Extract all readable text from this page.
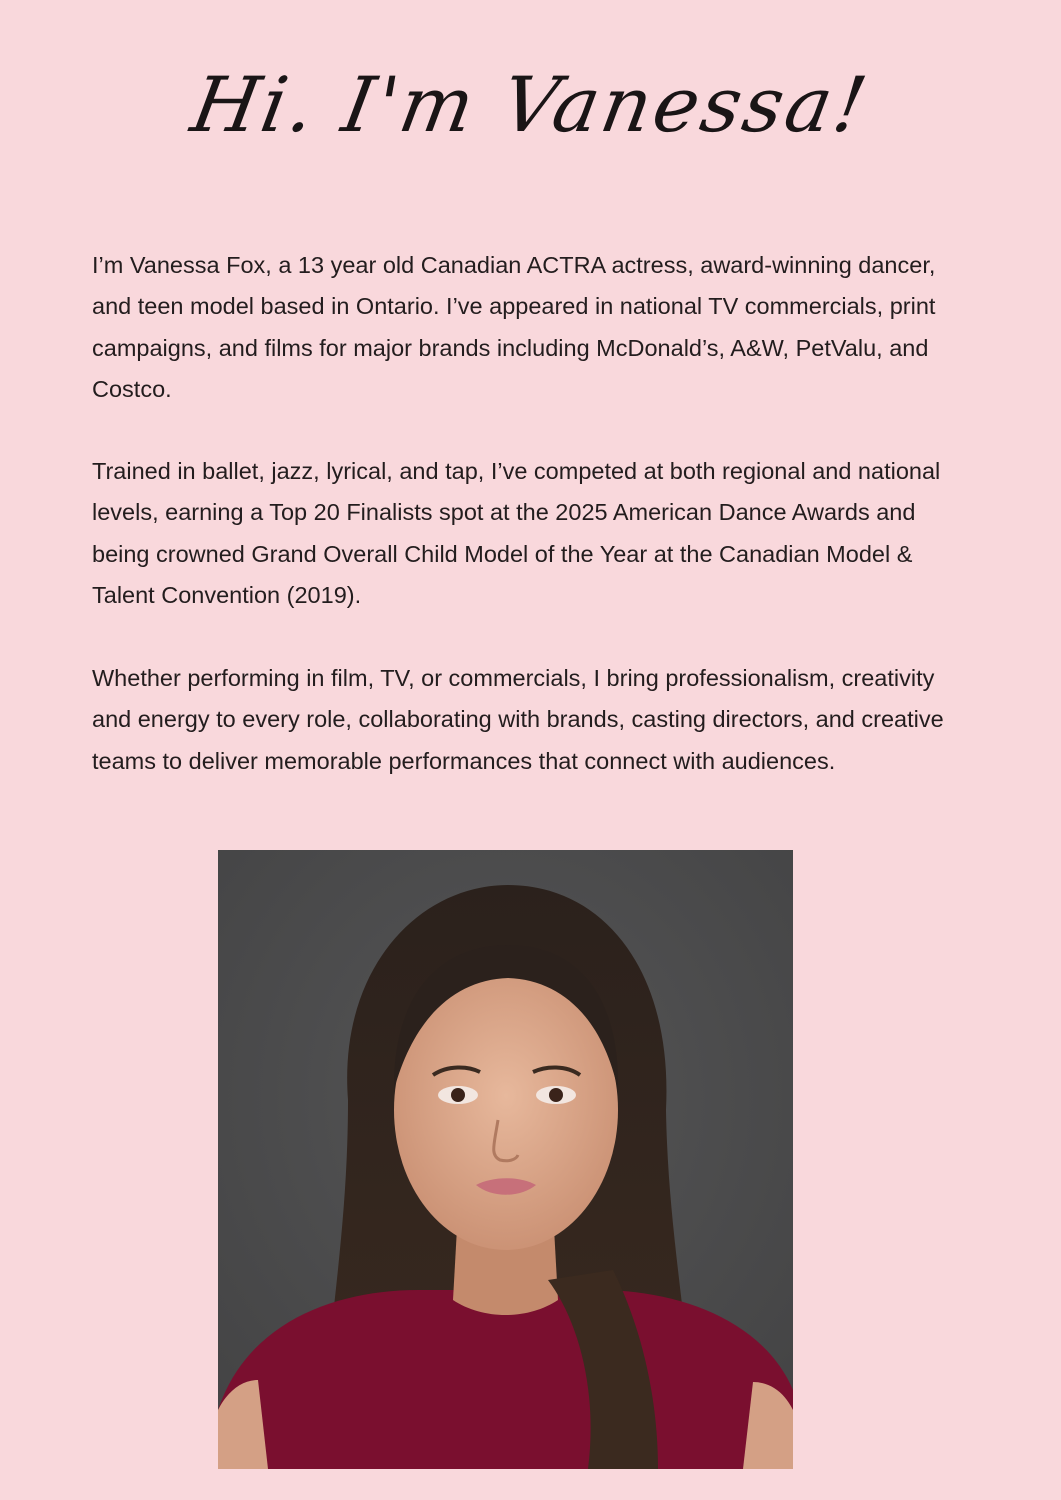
Hi. I'm Vanessa!

I’m Vanessa Fox, a 13 year old Canadian ACTRA actress, award-winning dancer, and teen model based in Ontario. I’ve appeared in national TV commercials, print campaigns, and films for major brands including McDonald’s, A&W, PetValu, and Costco.

Trained in ballet, jazz, lyrical, and tap, I’ve competed at both regional and national levels, earning a Top 20 Finalists spot at the 2025 American Dance Awards and being crowned Grand Overall Child Model of the Year at the Canadian Model & Talent Convention (2019).

Whether performing in film, TV, or commercials, I bring professionalism, creativity and energy to every role, collaborating with brands, casting directors, and creative teams to deliver memorable performances that connect with audiences.
